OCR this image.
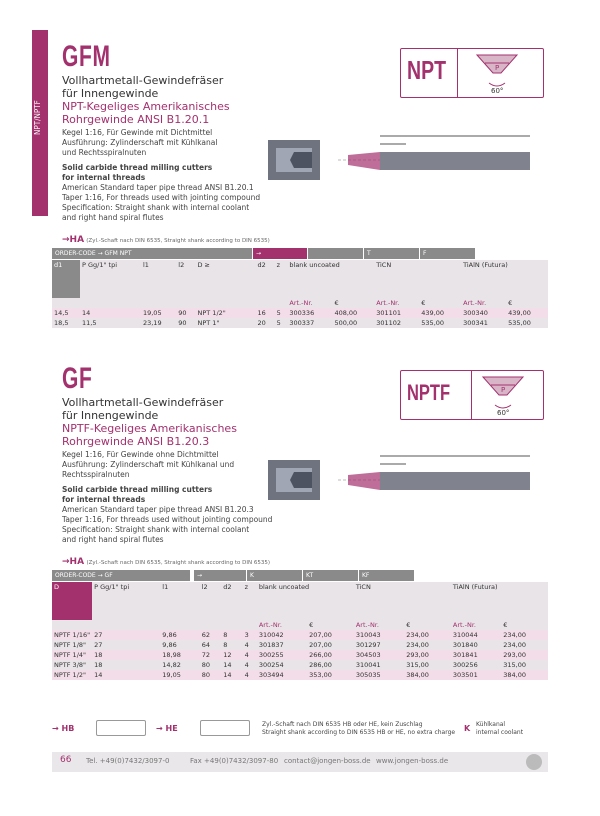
NPT/NPTF
GFM
Vollhartmetall-Gewindefräser
für Innengewinde
NPT-Kegeliges Amerikanisches
Rohrgewinde ANSI B1.20.1
Kegel 1:16, Für Gewinde mit Dichtmittel
Ausführung: Zylinderschaft mit Kühlkanal
und Rechtsspiralnuten
Solid carbide thread milling cutters
for internal threads
American Standard taper pipe thread ANSI B1.20.1
Taper 1:16, For threads used with jointing compound
Specification: Straight shank with internal coolant
and right hand spiral flutes
NPT	P
60°
→HA (Zyl.-Schaft nach DIN 6535, Straight shank according to DIN 6535)
ORDER-CODE → GFM NPT	→	T	F
d1	P Gg/1" tpi	l1	l2	D ≥	d2	z	blank uncoated		TiCN		TiAlN (Futura)	
							Art.-Nr.	€	Art.-Nr.	€	Art.-Nr.	€
14,5	14	19,05	90	NPT 1/2"	16	5	300336	408,00	301101	439,00	300340	439,00
18,5	11,5	23,19	90	NPT 1"	20	5	300337	500,00	301102	535,00	300341	535,00
GF
Vollhartmetall-Gewindefräser
für Innengewinde
NPTF-Kegeliges Amerikanisches
Rohrgewinde ANSI B1.20.3
Kegel 1:16, Für Gewinde ohne Dichtmittel
Ausführung: Zylinderschaft mit Kühlkanal und
Rechtsspiralnuten
Solid carbide thread milling cutters
for internal threads
American Standard taper pipe thread ANSI B1.20.3
Taper 1:16, For threads used without jointing compound
Specification: Straight shank with internal coolant
and right hand spiral flutes
NPTF	P
60°
→HA (Zyl.-Schaft nach DIN 6535, Straight shank according to DIN 6535)
ORDER-CODE → GF	→	K	KT	KF
D	P Gg/1" tpi	l1	l2	d2	z	blank uncoated		TiCN		TiAlN (Futura)	
						Art.-Nr.	€	Art.-Nr.	€	Art.-Nr.	€
NPTF 1/16"	27	9,86	62	8	3	310042	207,00	310043	234,00	310044	234,00
NPTF 1/8"	27	9,86	64	8	4	301837	207,00	301297	234,00	301840	234,00
NPTF 1/4"	18	18,98	72	12	4	300255	266,00	304503	293,00	301841	293,00
NPTF 3/8"	18	14,82	80	14	4	300254	286,00	310041	315,00	300256	315,00
NPTF 1/2"	14	19,05	80	14	4	303494	353,00	305035	384,00	303501	384,00
→ HB	→ HE	Zyl.-Schaft nach DIN 6535 HB oder HE, kein Zuschlag
Straight shank according to DIN 6535 HB or HE, no extra charge K Kühlkanal
internal coolant
66 Tel. +49(0)7432/3097-0	Fax +49(0)7432/3097-80 contact@jongen-boss.de www.jongen-boss.de
